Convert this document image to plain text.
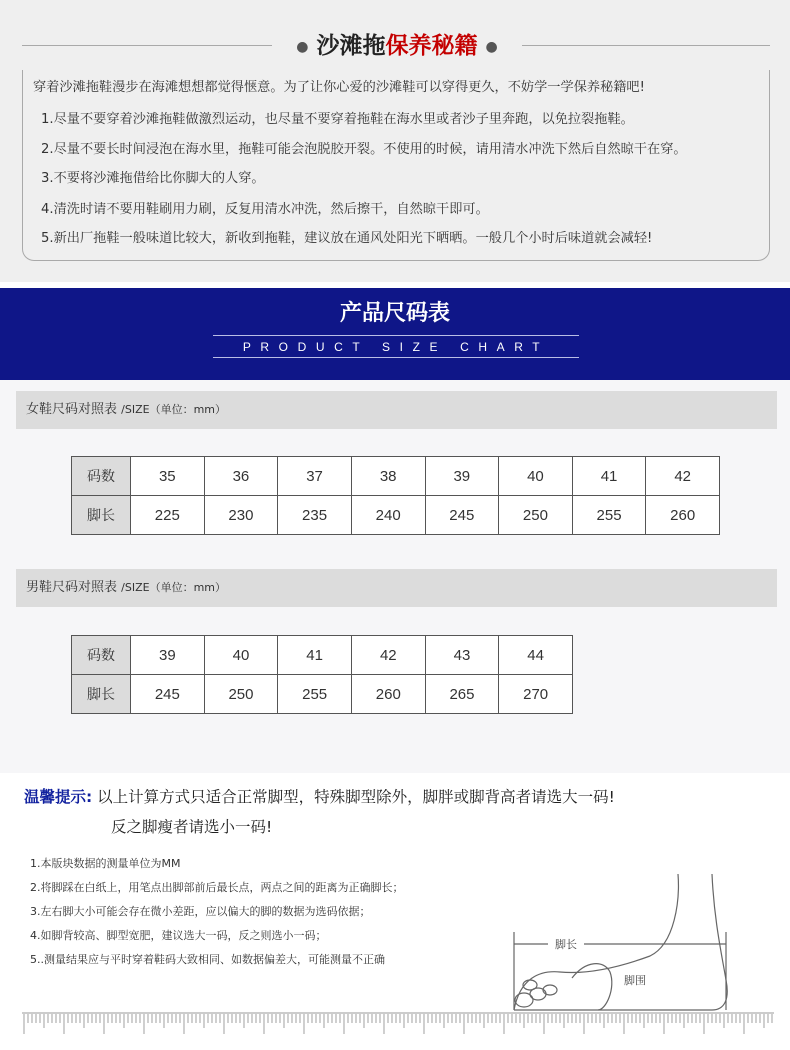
● 沙滩拖保养秘籍 ●
穿着沙滩拖鞋漫步在海滩想想都觉得惬意。为了让你心爱的沙滩鞋可以穿得更久，不妨学一学保养秘籍吧!
1.尽量不要穿着沙滩拖鞋做激烈运动，也尽量不要穿着拖鞋在海水里或者沙子里奔跑，以免拉裂拖鞋。
2.尽量不要长时间浸泡在海水里，拖鞋可能会泡脱胶开裂。不使用的时候，请用清水冲洗下然后自然晾干在穿。
3.不要将沙滩拖借给比你脚大的人穿。
4.清洗时请不要用鞋刷用力刷，反复用清水冲洗，然后擦干，自然晾干即可。
5.新出厂拖鞋一般味道比较大，新收到拖鞋，建议放在通风处阳光下晒晒。一般几个小时后味道就会减轻!
产品尺码表
PRODUCT SIZE CHART
女鞋尺码对照表 /SIZE（单位：mm）
码数	35	36	37	38	39	40	41	42
脚长	225	230	235	240	245	250	255	260
男鞋尺码对照表 /SIZE（单位：mm）
码数	39	40	41	42	43	44
脚长	245	250	255	260	265	270
温馨提示: 以上计算方式只适合正常脚型，特殊脚型除外，脚胖或脚背高者请选大一码!
反之脚瘦者请选小一码!
1.本版块数据的测量单位为MM
2.将脚踩在白纸上，用笔点出脚部前后最长点，两点之间的距离为正确脚长；
3.左右脚大小可能会存在微小差距，应以偏大的脚的数据为选码依据；
4.如脚背较高、脚型宽肥，建议选大一码，反之则选小一码；
5..测量结果应与平时穿着鞋码大致相同、如数据偏差大，可能测量不正确
脚长
脚围
